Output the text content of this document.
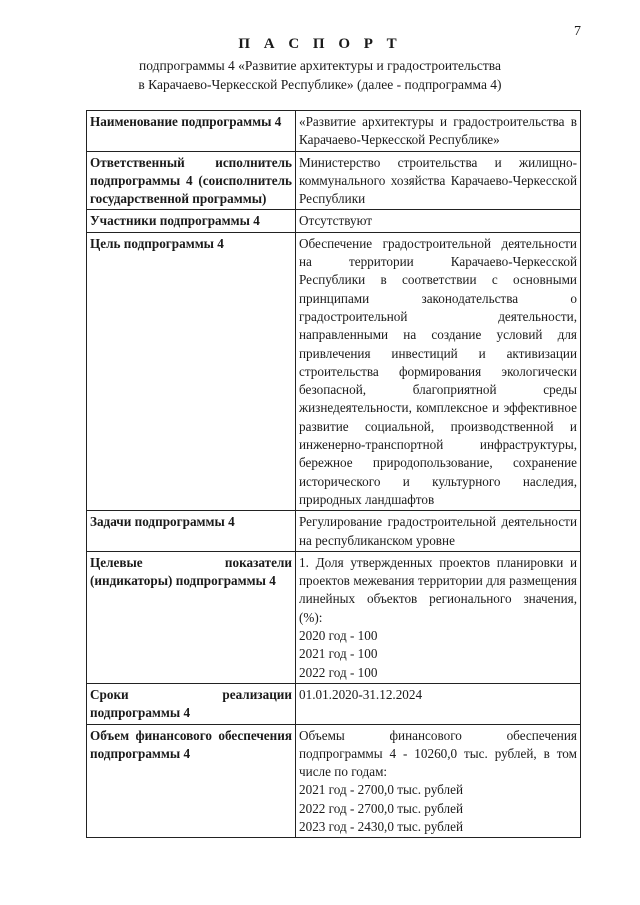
7
П А С П О Р Т
подпрограммы 4 «Развитие архитектуры и градостроительства
в Карачаево-Черкесской Республике» (далее - подпрограмма 4)
Наименование подпрограммы 4	«Развитие архитектуры и градостроительства в Карачаево-Черкесской Республике»
Ответственный исполнитель подпрограммы 4 (соисполнитель государственной программы)	Министерство строительства и жилищно-коммунального хозяйства Карачаево-Черкесской Республики
Участники подпрограммы 4	Отсутствуют
Цель подпрограммы 4	Обеспечение градостроительной деятельности на территории Карачаево-Черкесской Республики в соответствии с основными принципами законодательства о градостроительной деятельности, направленными на создание условий для привлечения инвестиций и активизации строительства формирования экологически безопасной, благоприятной среды жизнедеятельности, комплексное и эффективное развитие социальной, производственной и инженерно-транспортной инфраструктуры, бережное природопользование, сохранение исторического и культурного наследия, природных ландшафтов
Задачи подпрограммы 4	Регулирование градостроительной деятельности на республиканском уровне
Целевые показатели (индикаторы) подпрограммы 4	1. Доля утвержденных проектов планировки и проектов межевания территории для размещения линейных объектов регионального значения, (%):
2020 год - 100
2021 год - 100
2022 год - 100

Сроки реализации подпрограммы 4	01.01.2020-31.12.2024
Объем финансового обеспечения подпрограммы 4	Объемы финансового обеспечения подпрограммы 4 - 10260,0 тыс. рублей, в том числе по годам:
2021 год - 2700,0 тыс. рублей
2022 год - 2700,0 тыс. рублей
2023 год - 2430,0 тыс. рублей
